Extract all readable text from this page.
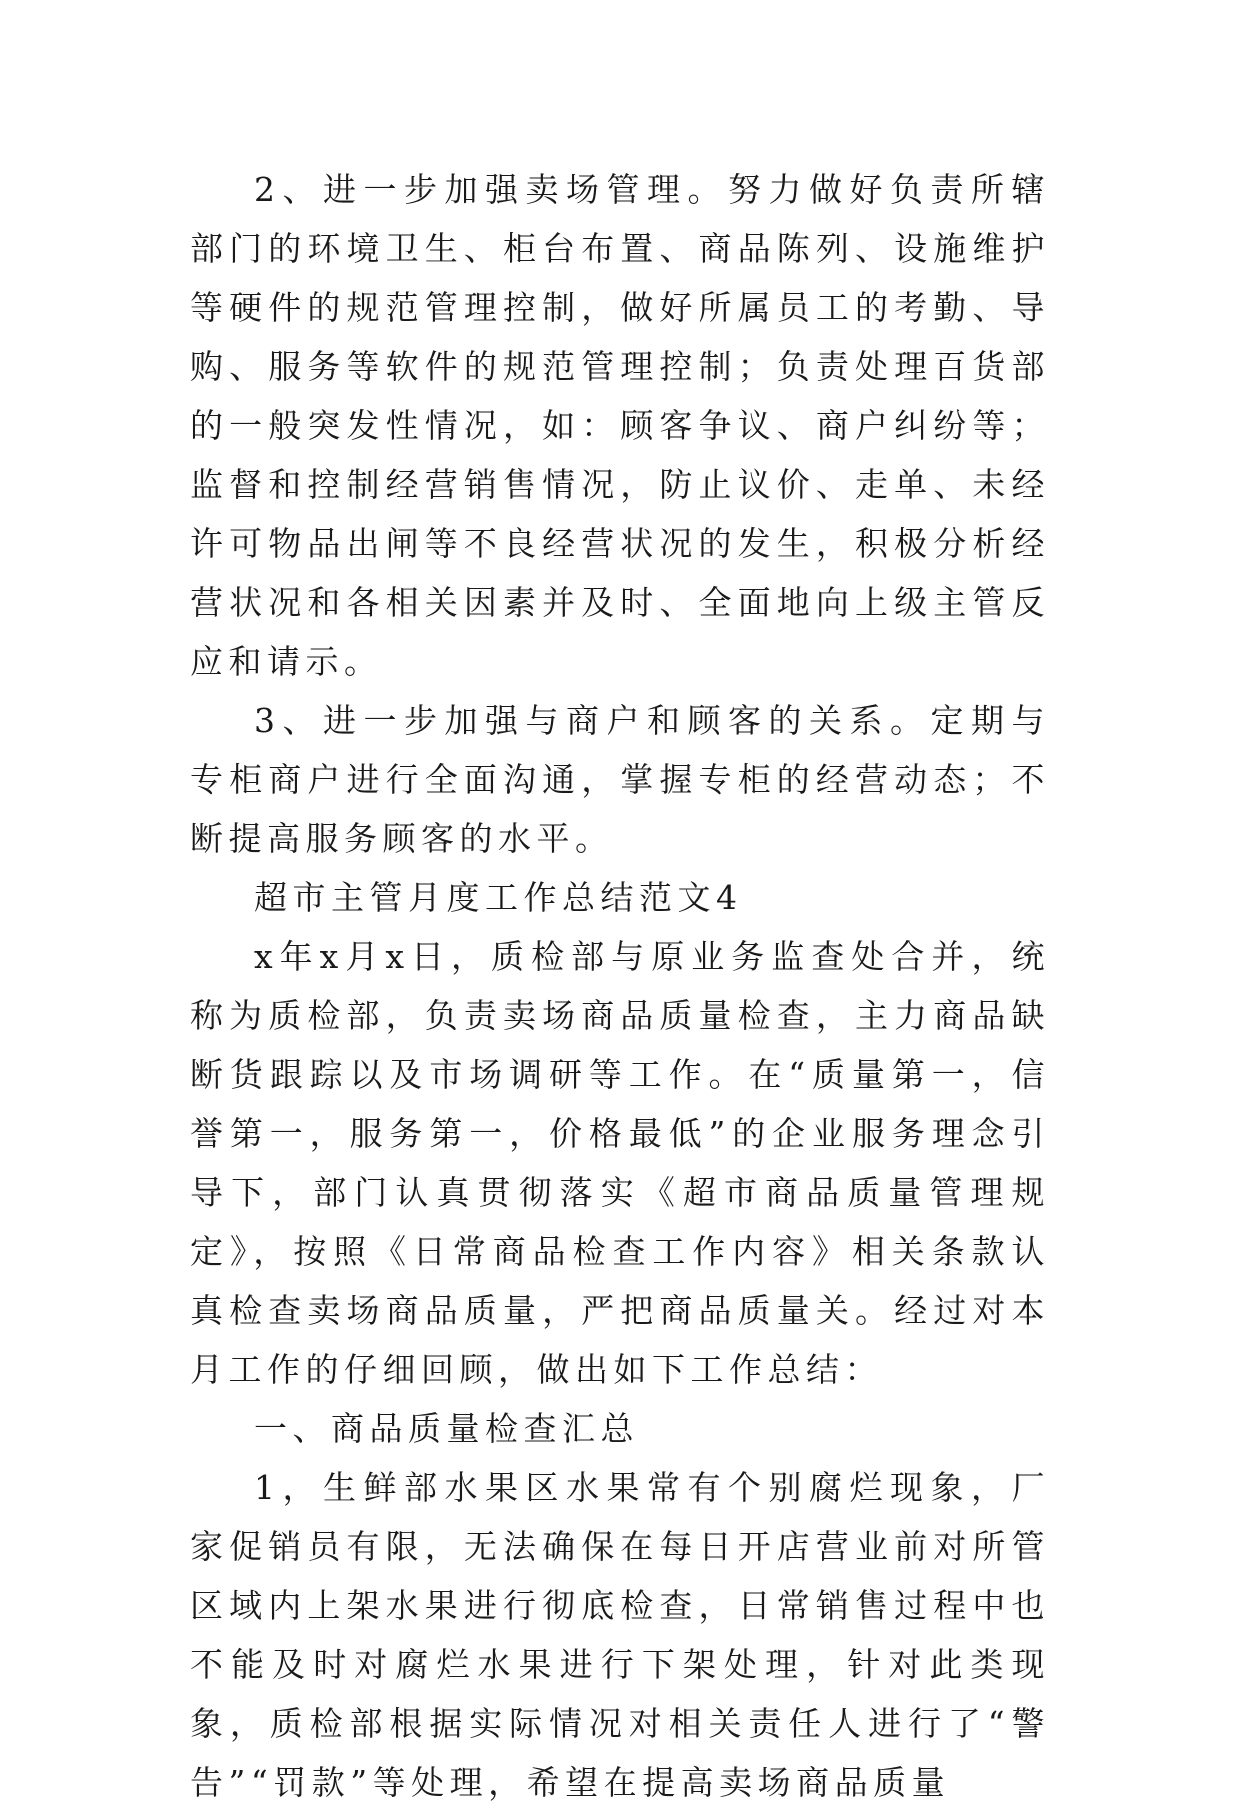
2、进一步加强卖场管理。努力做好负责所辖部门的环境卫生、柜台布置、商品陈列、设施维护等硬件的规范管理控制，做好所属员工的考勤、导购、服务等软件的规范管理控制；负责处理百货部的一般突发性情况，如：顾客争议、商户纠纷等；监督和控制经营销售情况，防止议价、走单、未经许可物品出闸等不良经营状况的发生，积极分析经营状况和各相关因素并及时、全面地向上级主管反应和请示。

3、进一步加强与商户和顾客的关系。定期与专柜商户进行全面沟通，掌握专柜的经营动态；不断提高服务顾客的水平。

超市主管月度工作总结范文4

x年x月x日，质检部与原业务监查处合并，统称为质检部，负责卖场商品质量检查，主力商品缺断货跟踪以及市场调研等工作。在“质量第一，信誉第一，服务第一，价格最低”的企业服务理念引导下，部门认真贯彻落实《超市商品质量管理规定》，按照《日常商品检查工作内容》相关条款认真检查卖场商品质量，严把商品质量关。经过对本月工作的仔细回顾，做出如下工作总结：

一、商品质量检查汇总

1，生鲜部水果区水果常有个别腐烂现象，厂家促销员有限，无法确保在每日开店营业前对所管区域内上架水果进行彻底检查，日常销售过程中也不能及时对腐烂水果进行下架处理，针对此类现象，质检部根据实际情况对相关责任人进行了“警告”“罚款”等处理，希望在提高卖场商品质量
